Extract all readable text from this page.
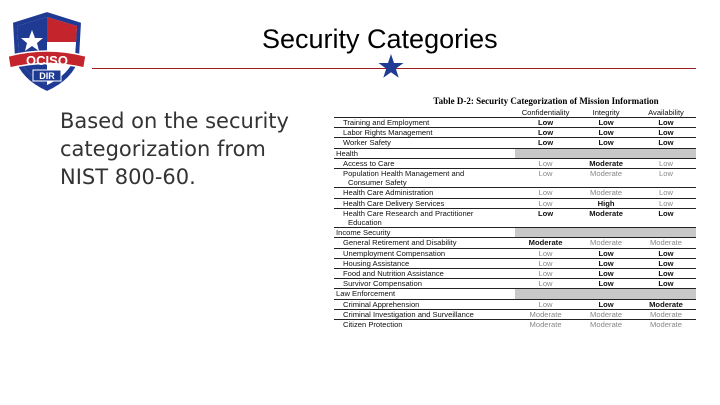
OCISO
DIR
Security Categories
Based on the security categorization from NIST 800-60.
Table D-2: Security Categorization of Mission Information
	Confidentiality	Integrity	Availability
Training and Employment	Low	Low	Low
Labor Rights Management	Low	Low	Low
Worker Safety	Low	Low	Low
Health			
Access to Care	Low	Moderate	Low
Population Health Management and	Low	Moderate	Low
Consumer Safety			
Health Care Administration	Low	Moderate	Low
Health Care Delivery Services	Low	High	Low
Health Care Research and Practitioner	Low	Moderate	Low
Education			
Income Security			
General Retirement and Disability	Moderate	Moderate	Moderate
Unemployment Compensation	Low	Low	Low
Housing Assistance	Low	Low	Low
Food and Nutrition Assistance	Low	Low	Low
Survivor Compensation	Low	Low	Low
Law Enforcement			
Criminal Apprehension	Low	Low	Moderate
Criminal Investigation and Surveillance	Moderate	Moderate	Moderate
Citizen Protection	Moderate	Moderate	Moderate
